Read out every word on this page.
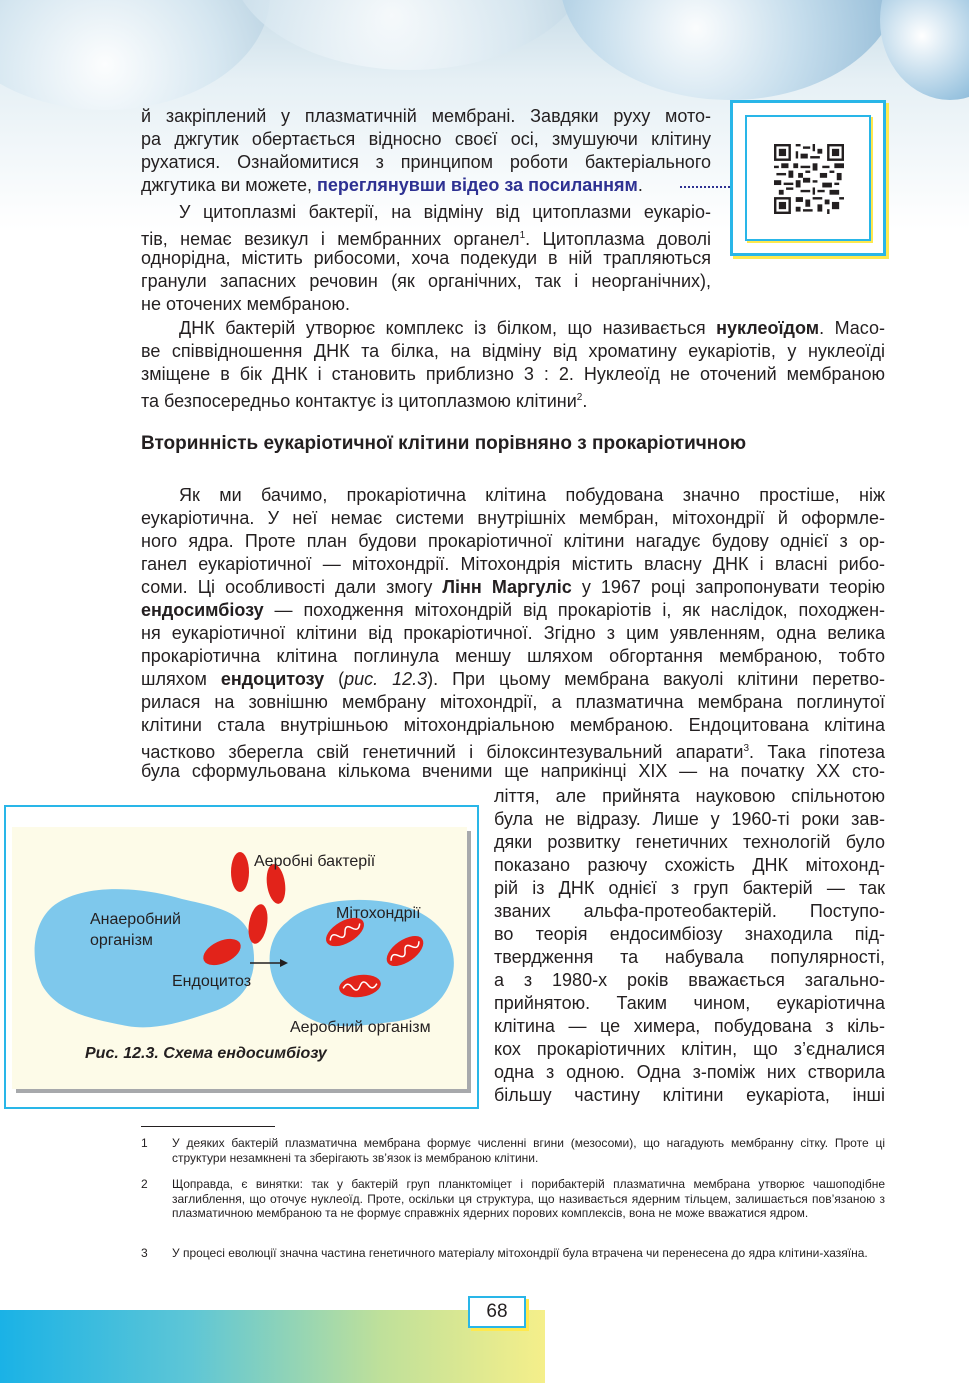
й закріплений у плазматичній мембрані. Завдяки руху мото-

ра джгутик обертається відносно своєї осі, змушуючи клітину

рухатися. Ознайомитися з принципом роботи бактеріального

джгутика ви можете, переглянувши відео за посиланням.

У цитоплазмі бактерії, на відміну від цитоплазми еукаріо-

тів, немає везикул і мембранних органел$^1$. Цитоплазма доволі

однорідна, містить рибосоми, хоча подекуди в ній трапляються

гранули запасних речовин (як органічних, так і неорганічних),

не оточених мембраною.

ДНК бактерій утворює комплекс із білком, що називається нуклеоїдом. Масо-

ве співвідношення ДНК та білка, на відміну від хроматину еукаріотів, у нуклеоїді

зміщене в бік ДНК і становить приблизно 3 : 2. Нуклеоїд не оточений мембраною

та безпосередньо контактує із цитоплазмою клітини$^2$.

Вторинність еукаріотичної клітини порівняно з прокаріотичною

Як ми бачимо, прокаріотична клітина побудована значно простіше, ніж

еукаріотична. У неї немає системи внутрішніх мембран, мітохондрії й оформле-

ного ядра. Проте план будови прокаріотичної клітини нагадує будову однієї з ор-

ганел еукаріотичної — мітохондрії. Мітохондрія містить власну ДНК і власні рибо-

соми. Ці особливості дали змогу Лінн Маргуліс у 1967 році запропонувати теорію

ендосимбіозу — походження мітохондрій від прокаріотів і, як наслідок, походжен-

ня еукаріотичної клітини від прокаріотичної. Згідно з цим уявленням, одна велика

прокаріотична клітина поглинула меншу шляхом обгортання мембраною, тобто

шляхом ендоцитозу (рис. 12.3). При цьому мембрана вакуолі клітини перетво-

рилася на зовнішню мембрану мітохондрії, а плазматична мембрана поглинутої

клітини стала внутрішньою мітохондріальною мембраною. Ендоцитована клітина

частково зберегла свій генетичний і білоксинтезувальний апарати$^3$. Така гіпотеза

була сформульована кількома вченими ще наприкінці XIX — на початку XX сто-

ліття, але прийнята науковою спільнотою

була не відразу. Лише у 1960-ті роки зав-

дяки розвитку генетичних технологій було

показано разючу схожість ДНК мітохонд-

рій із ДНК однієї з груп бактерій — так

званих альфа-протеобактерій. Поступо-

во теорія ендосимбіозу знаходила під-

твердження та набувала популярності,

а з 1980-х років вважається загально-

прийнятою. Таким чином, еукаріотична

клітина — це химера, побудована з кіль-

кох прокаріотичних клітин, що з’єдналися

одна з одною. Одна з-поміж них створила

більшу частину клітини еукаріота, інші

Аеробні бактерії

Анаеробний

організм

Ендоцитоз

Мітохондрії

Аеробний організм

Рис. 12.3. Схема ендосимбіозу

1 У деяких бактерій плазматична мембрана формує численні вгини (мезосоми), що нагадують мембранну сітку. Проте ці структури незамкнені та зберігають зв’язок із мембраною клітини.

2 Щоправда, є винятки: так у бактерій груп планктоміцет і порибактерій плазматична мембрана утворює чашоподібне заглиблення, що оточує нуклеоїд. Проте, оскільки ця структура, що називається ядерним тільцем, залишається пов’язаною з плазматичною мембраною та не формує справжніх ядерних порових комплексів, вона не може вважатися ядром.

3 У процесі еволюції значна частина генетичного матеріалу мітохондрії була втрачена чи перенесена до ядра клітини-хазяїна.

68
